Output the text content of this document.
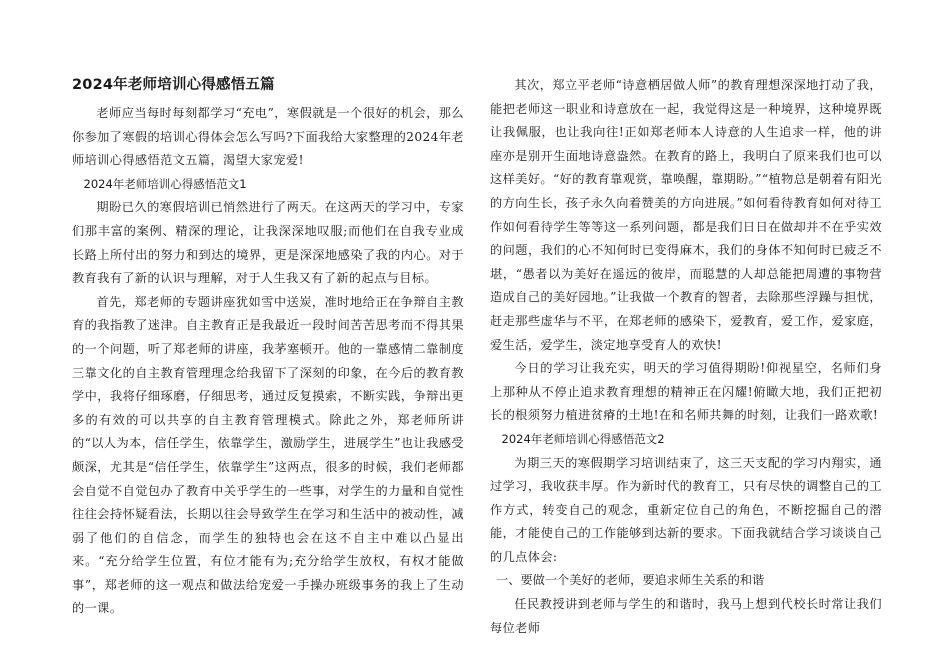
2024年老师培训心得感悟五篇

老师应当每时每刻都学习“充电”，寒假就是一个很好的机会，那么你参加了寒假的培训心得体会怎么写吗?下面我给大家整理的2024年老师培训心得感悟范文五篇，渴望大家宠爱!

2024年老师培训心得感悟范文1

期盼已久的寒假培训已悄然进行了两天。在这两天的学习中，专家们那丰富的案例、精深的理论，让我深深地叹服;而他们在自我专业成长路上所付出的努力和到达的境界，更是深深地感染了我的内心。对于教育我有了新的认识与理解，对于人生我又有了新的起点与目标。

首先，郑老师的专题讲座犹如雪中送炭，准时地给正在争辩自主教育的我指教了迷津。自主教育正是我最近一段时间苦苦思考而不得其果的一个问题，听了郑老师的讲座，我茅塞顿开。他的一靠感情二靠制度三靠文化的自主教育管理理念给我留下了深刻的印象，在今后的教育教学中，我将仔细琢磨，仔细思考，通过反复摸索，不断实践，争辩出更多的有效的可以共享的自主教育管理模式。除此之外，郑老师所讲的“以人为本，信任学生，依靠学生，激励学生，进展学生”也让我感受颇深，尤其是“信任学生，依靠学生”这两点，很多的时候，我们老师都会自觉不自觉包办了教育中关乎学生的一些事，对学生的力量和自觉性往往会持怀疑看法，长期以往会导致学生在学习和生活中的被动性，减弱了他们的自信念，而学生的独特也会在这不自主中难以凸显出来。“充分给学生位置，有位才能有为;充分给学生放权，有权才能做事”，郑老师的这一观点和做法给宠爱一手操办班级事务的我上了生动的一课。

其次，郑立平老师“诗意栖居做人师”的教育理想深深地打动了我，能把老师这一职业和诗意放在一起，我觉得这是一种境界，这种境界既让我佩服，也让我向往!正如郑老师本人诗意的人生追求一样，他的讲座亦是别开生面地诗意盎然。在教育的路上，我明白了原来我们也可以这样美好。“好的教育靠观赏，靠唤醒，靠期盼。”“植物总是朝着有阳光的方向生长，孩子永久向着赞美的方向进展。”如何看待教育如何对待工作如何看待学生等等这一系列问题，都是我们日日在做却并不在乎实效的问题，我们的心不知何时已变得麻木，我们的身体不知何时已疲乏不堪，“愚者以为美好在遥远的彼岸，而聪慧的人却总能把周遭的事物营造成自己的美好园地。”让我做一个教育的智者，去除那些浮躁与担忧，赶走那些虚华与不平，在郑老师的感染下，爱教育，爱工作，爱家庭，爱生活，爱学生，淡定地享受育人的欢快!

今日的学习让我充实，明天的学习值得期盼!仰视星空，名师们身上那种从不停止追求教育理想的精神正在闪耀!俯瞰大地，我们正把初长的根须努力植进贫瘠的土地!在和名师共舞的时刻，让我们一路欢歌!

2024年老师培训心得感悟范文2

为期三天的寒假期学习培训结束了，这三天支配的学习内翔实，通过学习，我收获丰厚。作为新时代的教育工，只有尽快的调整自己的工作方式，转变自己的观念，重新定位自己的角色，不断挖掘自己的潜能，才能使自己的工作能够到达新的要求。下面我就结合学习谈谈自己的几点体会:

一、要做一个美好的老师，要追求师生关系的和谐

任民教授讲到老师与学生的和谐时，我马上想到代校长时常让我们每位老师
